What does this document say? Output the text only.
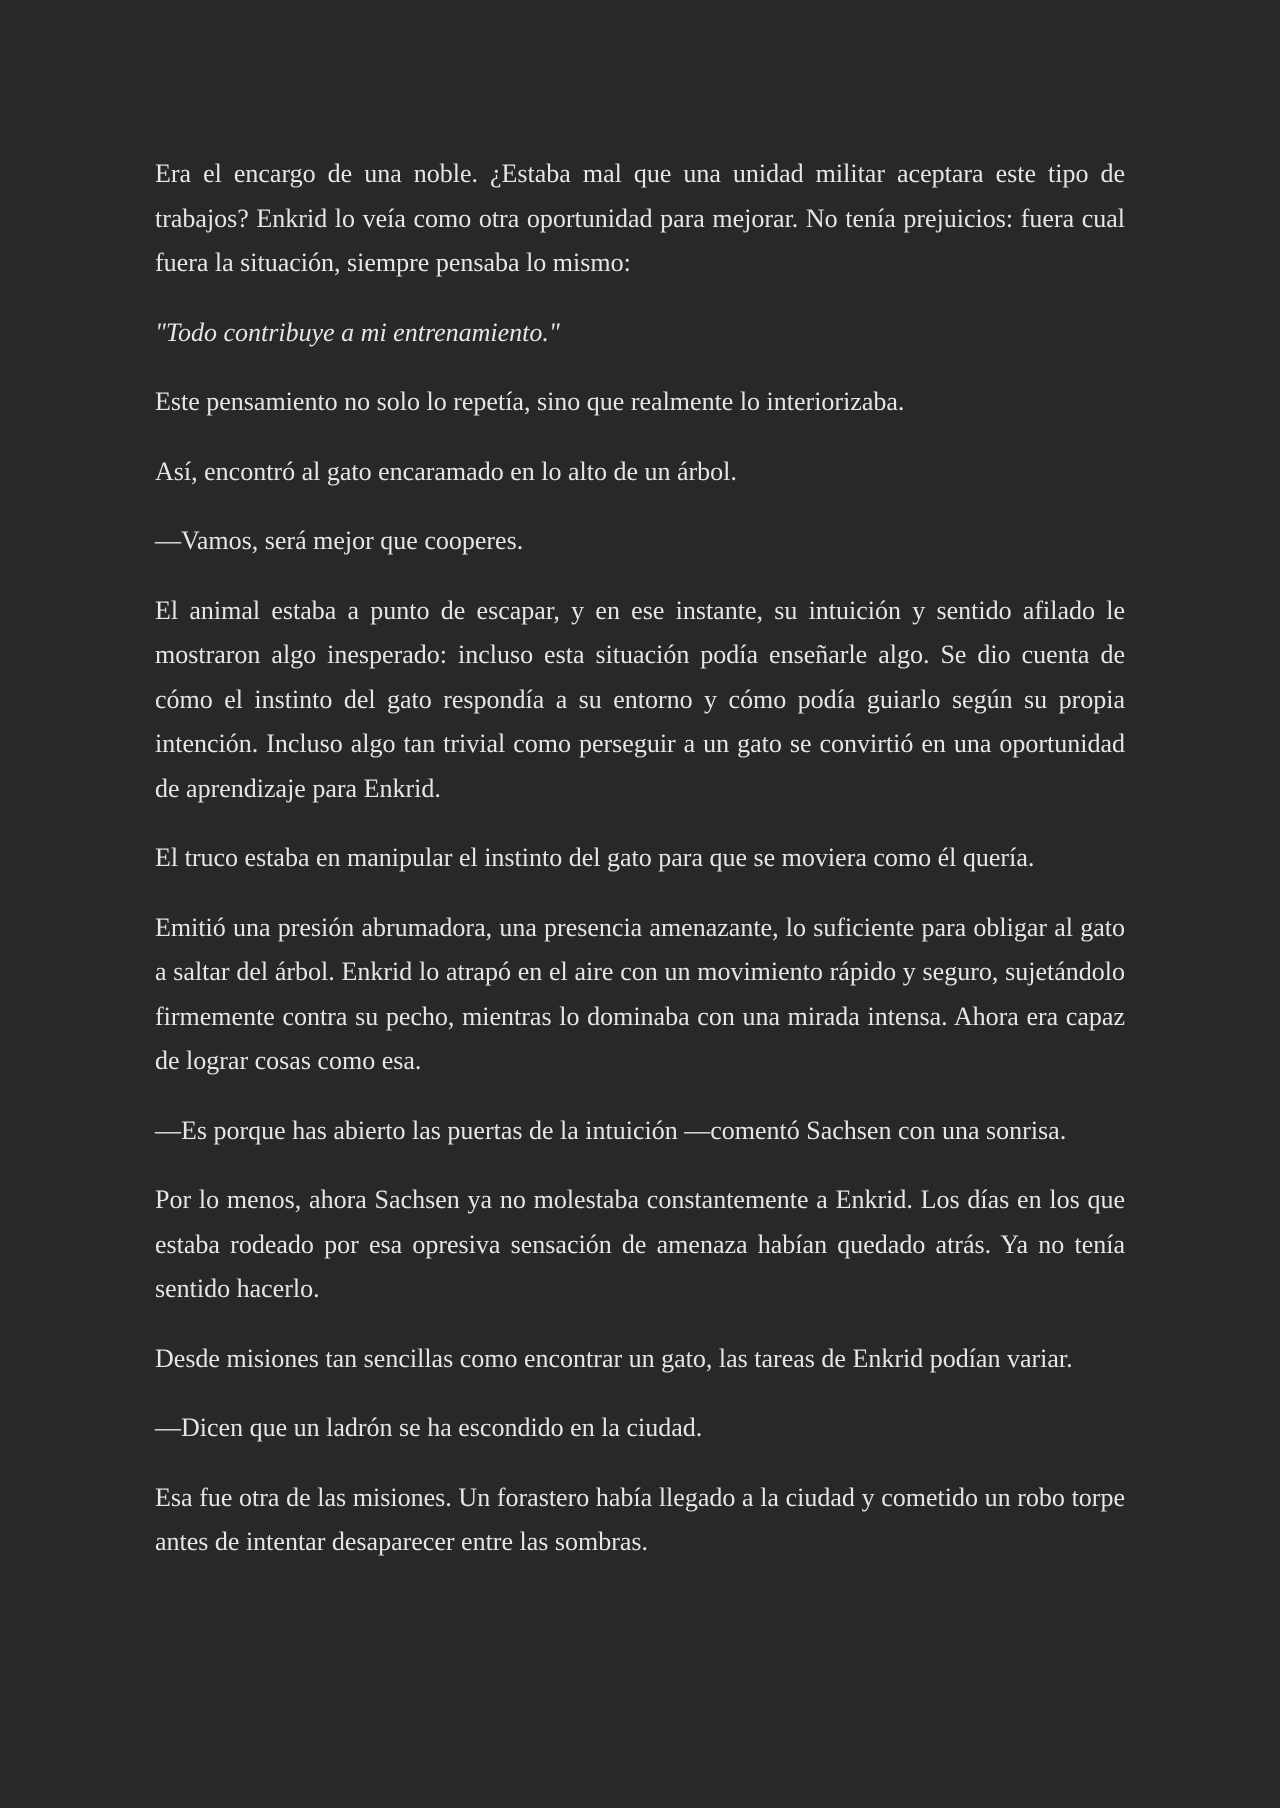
Era el encargo de una noble. ¿Estaba mal que una unidad militar aceptara este tipo de trabajos? Enkrid lo veía como otra oportunidad para mejorar. No tenía prejuicios: fuera cual fuera la situación, siempre pensaba lo mismo:

"Todo contribuye a mi entrenamiento."

Este pensamiento no solo lo repetía, sino que realmente lo interiorizaba.

Así, encontró al gato encaramado en lo alto de un árbol.

—Vamos, será mejor que cooperes.

El animal estaba a punto de escapar, y en ese instante, su intuición y sentido afilado le mostraron algo inesperado: incluso esta situación podía enseñarle algo. Se dio cuenta de cómo el instinto del gato respondía a su entorno y cómo podía guiarlo según su propia intención. Incluso algo tan trivial como perseguir a un gato se convirtió en una oportunidad de aprendizaje para Enkrid.

El truco estaba en manipular el instinto del gato para que se moviera como él quería.

Emitió una presión abrumadora, una presencia amenazante, lo suficiente para obligar al gato a saltar del árbol. Enkrid lo atrapó en el aire con un movimiento rápido y seguro, sujetándolo firmemente contra su pecho, mientras lo dominaba con una mirada intensa. Ahora era capaz de lograr cosas como esa.

—Es porque has abierto las puertas de la intuición —comentó Sachsen con una sonrisa.

Por lo menos, ahora Sachsen ya no molestaba constantemente a Enkrid. Los días en los que estaba rodeado por esa opresiva sensación de amenaza habían quedado atrás. Ya no tenía sentido hacerlo.

Desde misiones tan sencillas como encontrar un gato, las tareas de Enkrid podían variar.

—Dicen que un ladrón se ha escondido en la ciudad.

Esa fue otra de las misiones. Un forastero había llegado a la ciudad y cometido un robo torpe antes de intentar desaparecer entre las sombras.
